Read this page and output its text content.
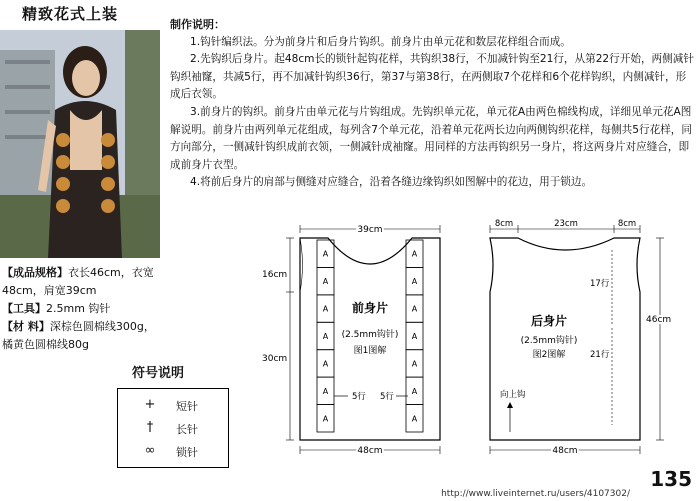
精致花式上装
【成品规格】衣长46cm，衣宽48cm，肩宽39cm
【工具】2.5mm 钩针
【材 料】深棕色圆棉线300g，橘黄色圆棉线80g
符号说明
+	短针
†	长针
∞	锁针
制作说明：

1.钩针编织法。分为前身片和后身片钩织。前身片由单元花和数层花样组合而成。

2.先钩织后身片。起48cm长的锁针起钩花样，共钩织38行，不加减针钩至21行，从第22行开始，两侧减针钩织袖窿，共减5行，再不加减针钩织36行，第37与第38行，在两侧取7个花样和6个花样钩织，内侧减针，形成后衣领。

3.前身片的钩织。前身片由单元花与片钩组成。先钩织单元花，单元花A由两色棉线构成，详细见单元花A图解说明。前身片由两列单元花组成，每列含7个单元花，沿着单元花两长边向两侧钩织花样，每侧共5行花样，同方向部分，一侧减针钩织成前衣领，一侧减针成袖窿。用同样的方法再钩织另一身片，将这两身片对应缝合，即成前身片衣型。

4.将前后身片的肩部与侧缝对应缝合，沿着各缝边缘钩织如图解中的花边，用于锁边。

A
A
A
A
A
A
A
A
A
A
A
A
A
A
39cm
16cm
30cm
48cm
前身片
(2.5mm钩针)
图1图解
5行 5行
8cm	23cm	8cm
46cm
17行
21行
后身片
(2.5mm钩针)
图2图解
向上钩
48cm
135
http://www.liveinternet.ru/users/4107302/
